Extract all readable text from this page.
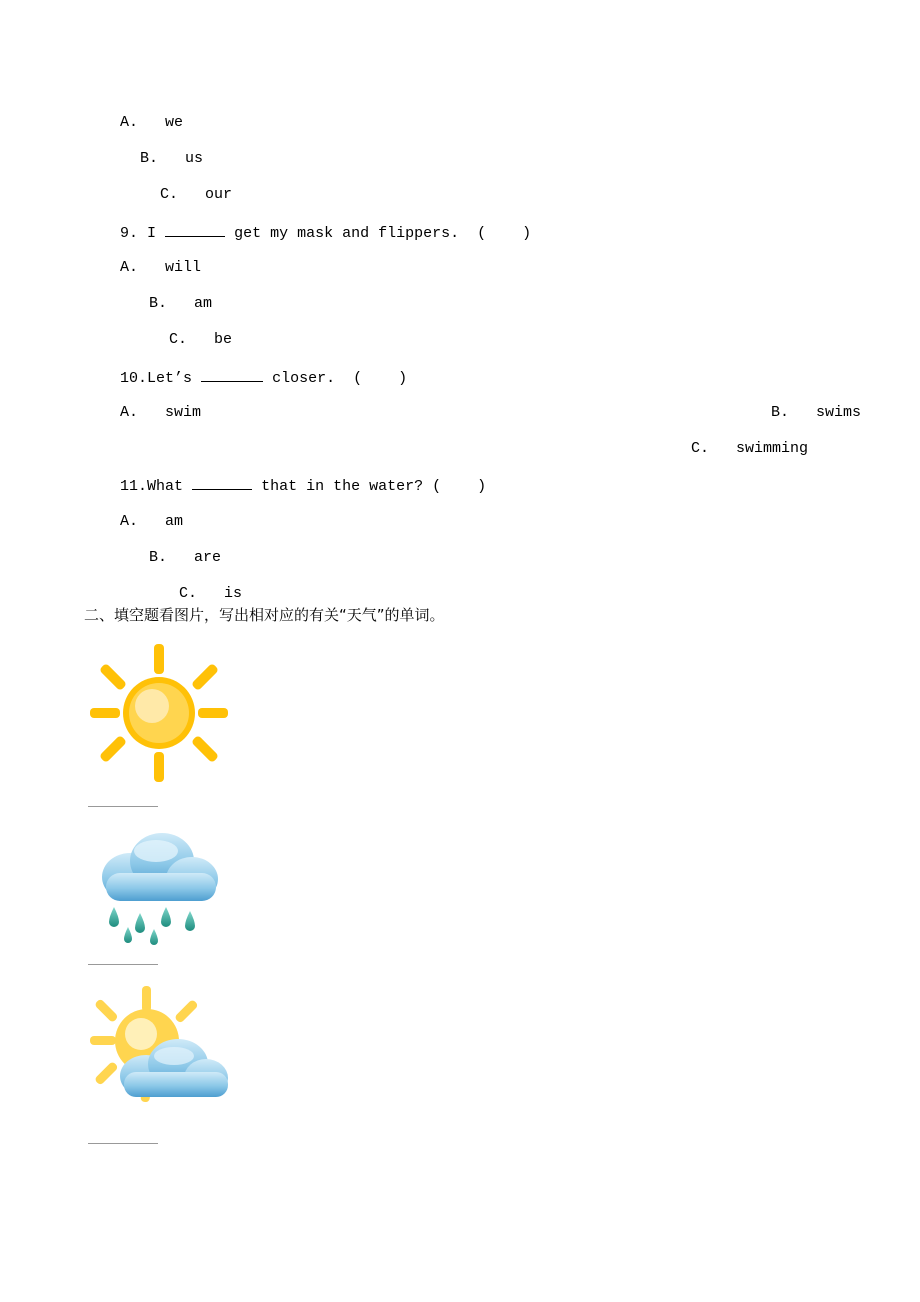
A. we

B. us

C. our

9. I	get my mask and flippers. (    )

A. will

B. am

C. be

10.Let’s	closer. (    )

A. swim
	B. swims

C. swimming

11.What	that in the water? (    )

A. am

B. are

C. is

二、填空题看图片，写出相对应的有关“天气”的单词。
